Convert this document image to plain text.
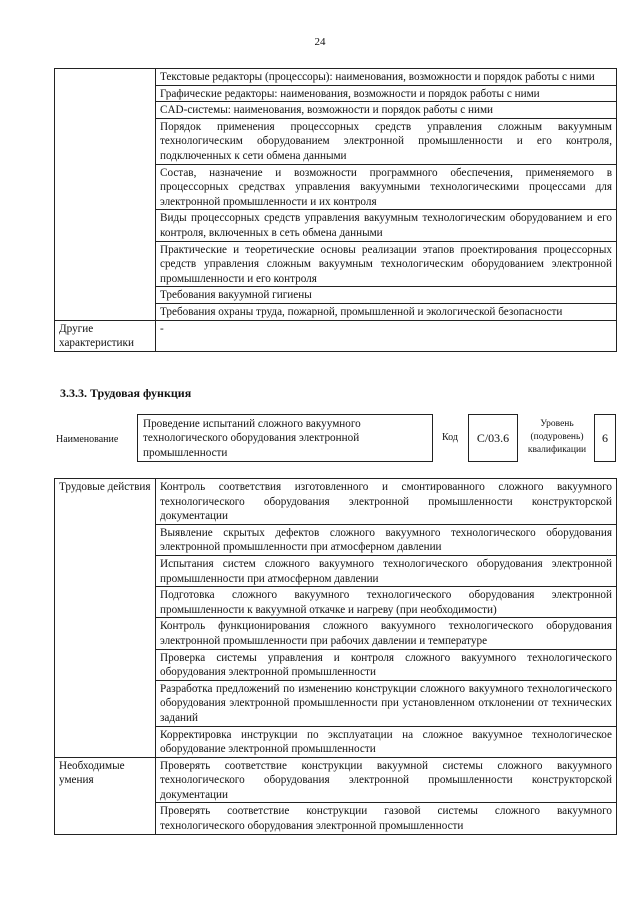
24
	Текстовые редакторы (процессоры): наименования, возможности и порядок работы с ними
	Графические редакторы: наименования, возможности и порядок работы с ними
	CAD-системы: наименования, возможности и порядок работы с ними
	Порядок применения процессорных средств управления сложным вакуумным технологическим оборудованием электронной промышленности и его контроля, подключенных к сети обмена данными
	Состав, назначение и возможности программного обеспечения, применяемого в процессорных средствах управления вакуумными технологическими процессами для электронной промышленности и их контроля
	Виды процессорных средств управления вакуумным технологическим оборудованием и его контроля, включенных в сеть обмена данными
	Практические и теоретические основы реализации этапов проектирования процессорных средств управления сложным вакуумным технологическим оборудованием электронной промышленности и его контроля
	Требования вакуумной гигиены
	Требования охраны труда, пожарной, промышленной и экологической безопасности
Другие характеристики	-
3.3.3. Трудовая функция
Наименование
Проведение испытаний сложного вакуумного технологического оборудования электронной промышленности
Код	С/03.6
Уровень (подуровень) квалификации
6
Трудовые действия	Контроль соответствия изготовленного и смонтированного сложного вакуумного технологического оборудования электронной промышленности конструкторской документации
	Выявление скрытых дефектов сложного вакуумного технологического оборудования электронной промышленности при атмосферном давлении
	Испытания систем сложного вакуумного технологического оборудования электронной промышленности при атмосферном давлении
	Подготовка сложного вакуумного технологического оборудования электронной промышленности к вакуумной откачке и нагреву (при необходимости)
	Контроль функционирования сложного вакуумного технологического оборудования электронной промышленности при рабочих давлении и температуре
	Проверка системы управления и контроля сложного вакуумного технологического оборудования электронной промышленности
	Разработка предложений по изменению конструкции сложного вакуумного технологического оборудования электронной промышленности при установленном отклонении от технических заданий
	Корректировка инструкции по эксплуатации на сложное вакуумное технологическое оборудование электронной промышленности
Необходимые умения	Проверять соответствие конструкции вакуумной системы сложного вакуумного технологического оборудования электронной промышленности конструкторской документации
	Проверять соответствие конструкции газовой системы сложного вакуумного технологического оборудования электронной промышленности
